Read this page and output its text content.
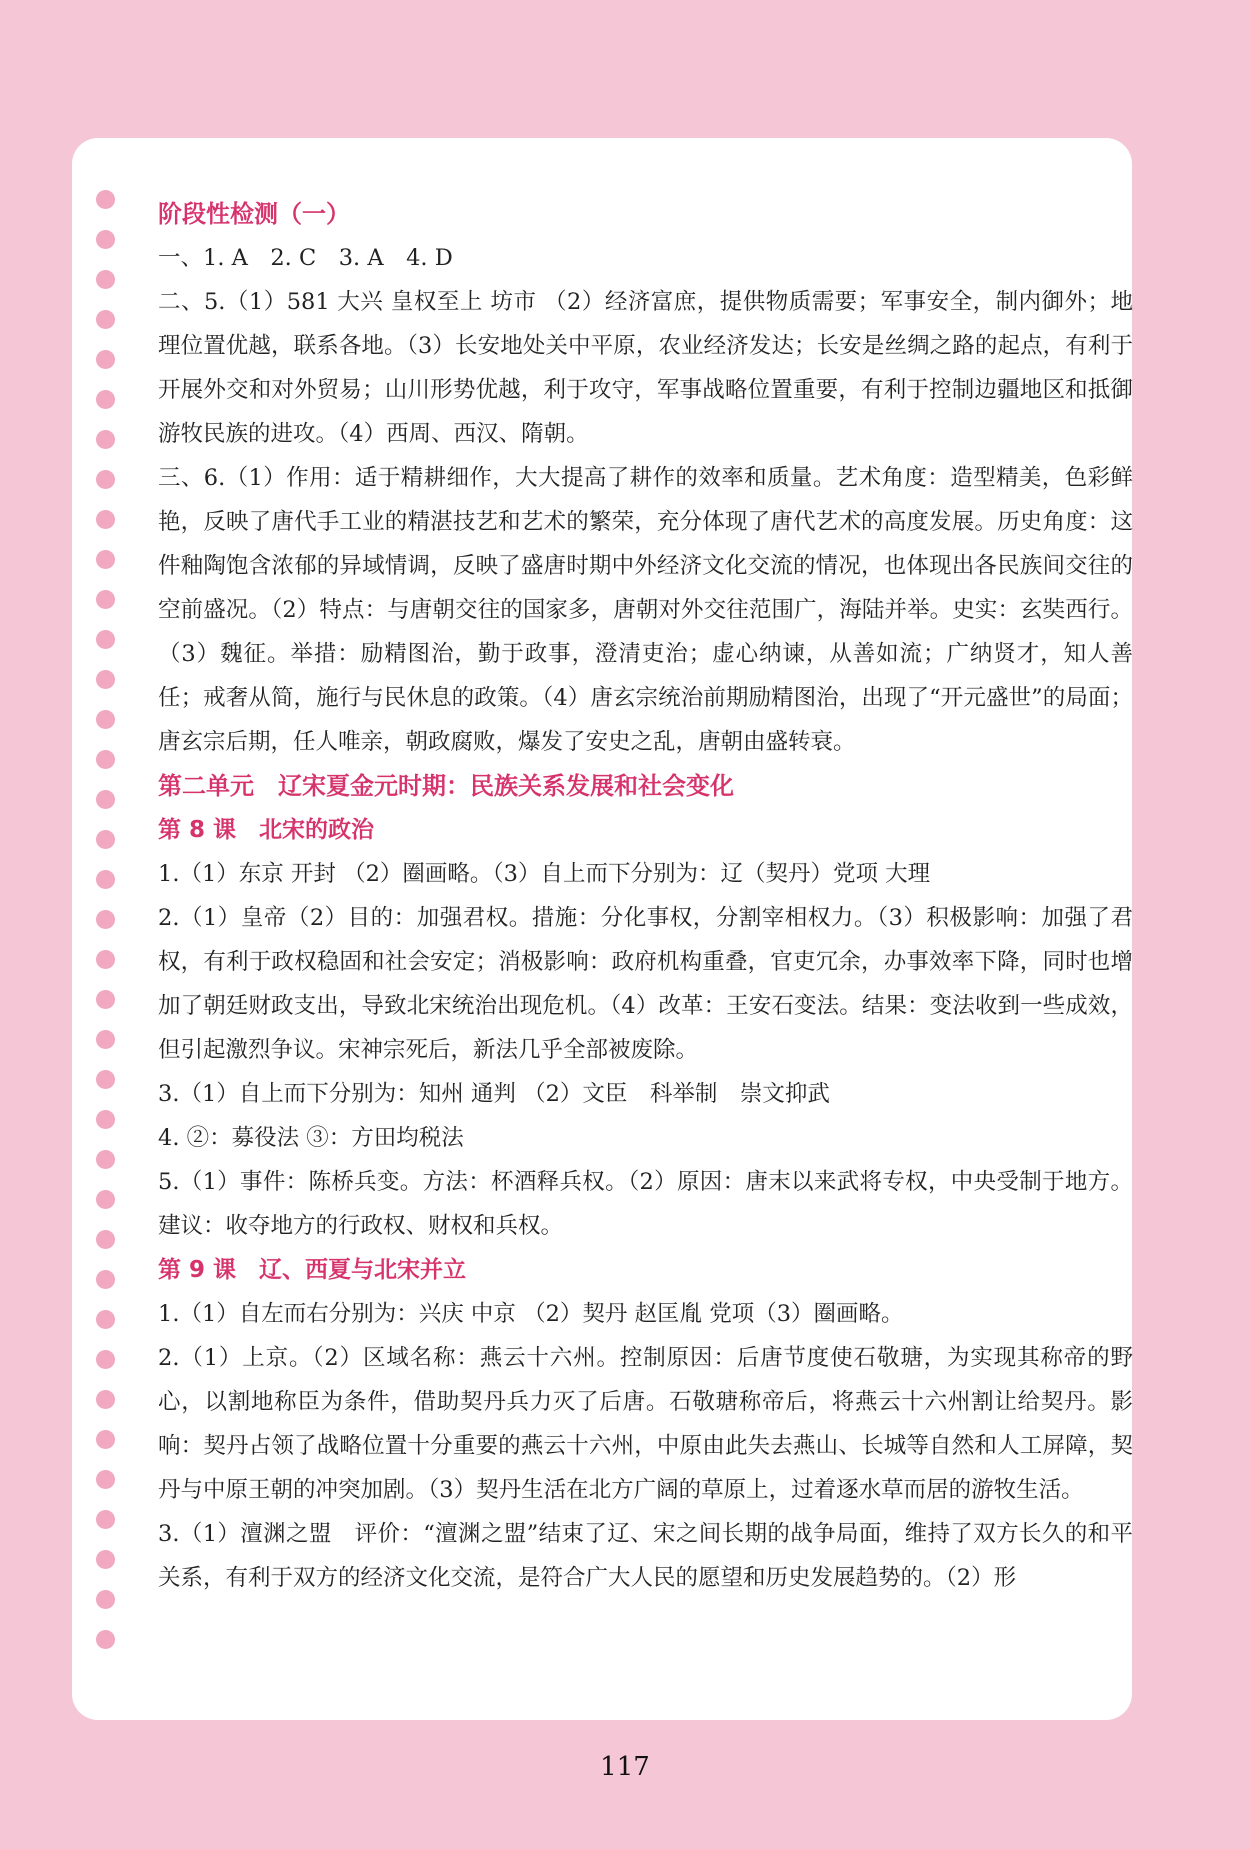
阶段性检测（一）
一、1. A　2. C　3. A　4. D
二、5.（1）581 大兴 皇权至上 坊市 （2）经济富庶，提供物质需要；军事安全，制内御外；地理位置优越，联系各地。（3）长安地处关中平原，农业经济发达；长安是丝绸之路的起点，有利于开展外交和对外贸易；山川形势优越，利于攻守，军事战略位置重要，有利于控制边疆地区和抵御游牧民族的进攻。（4）西周、西汉、隋朝。
三、6.（1）作用：适于精耕细作，大大提高了耕作的效率和质量。艺术角度：造型精美，色彩鲜艳，反映了唐代手工业的精湛技艺和艺术的繁荣，充分体现了唐代艺术的高度发展。历史角度：这件釉陶饱含浓郁的异域情调，反映了盛唐时期中外经济文化交流的情况，也体现出各民族间交往的空前盛况。（2）特点：与唐朝交往的国家多，唐朝对外交往范围广，海陆并举。史实：玄奘西行。（3）魏征。举措：励精图治，勤于政事，澄清吏治；虚心纳谏，从善如流；广纳贤才，知人善任；戒奢从简，施行与民休息的政策。（4）唐玄宗统治前期励精图治，出现了“开元盛世”的局面；唐玄宗后期，任人唯亲，朝政腐败，爆发了安史之乱，唐朝由盛转衰。
第二单元　辽宋夏金元时期：民族关系发展和社会变化
第 8 课　北宋的政治
1.（1）东京 开封 （2）圈画略。（3）自上而下分别为：辽（契丹）党项 大理
2.（1）皇帝（2）目的：加强君权。措施：分化事权，分割宰相权力。（3）积极影响：加强了君权，有利于政权稳固和社会安定；消极影响：政府机构重叠，官吏冗余，办事效率下降，同时也增加了朝廷财政支出，导致北宋统治出现危机。（4）改革：王安石变法。结果：变法收到一些成效，但引起激烈争议。宋神宗死后，新法几乎全部被废除。
3.（1）自上而下分别为：知州 通判 （2）文臣　科举制　崇文抑武
4. ②：募役法 ③：方田均税法
5.（1）事件：陈桥兵变。方法：杯酒释兵权。（2）原因：唐末以来武将专权，中央受制于地方。建议：收夺地方的行政权、财权和兵权。
第 9 课　辽、西夏与北宋并立
1.（1）自左而右分别为：兴庆 中京 （2）契丹 赵匡胤 党项（3）圈画略。
2.（1）上京。（2）区域名称：燕云十六州。控制原因：后唐节度使石敬瑭，为实现其称帝的野心，以割地称臣为条件，借助契丹兵力灭了后唐。石敬瑭称帝后，将燕云十六州割让给契丹。影响：契丹占领了战略位置十分重要的燕云十六州，中原由此失去燕山、长城等自然和人工屏障，契丹与中原王朝的冲突加剧。（3）契丹生活在北方广阔的草原上，过着逐水草而居的游牧生活。
3.（1）澶渊之盟　评价：“澶渊之盟”结束了辽、宋之间长期的战争局面，维持了双方长久的和平关系，有利于双方的经济文化交流，是符合广大人民的愿望和历史发展趋势的。（2）形
117
